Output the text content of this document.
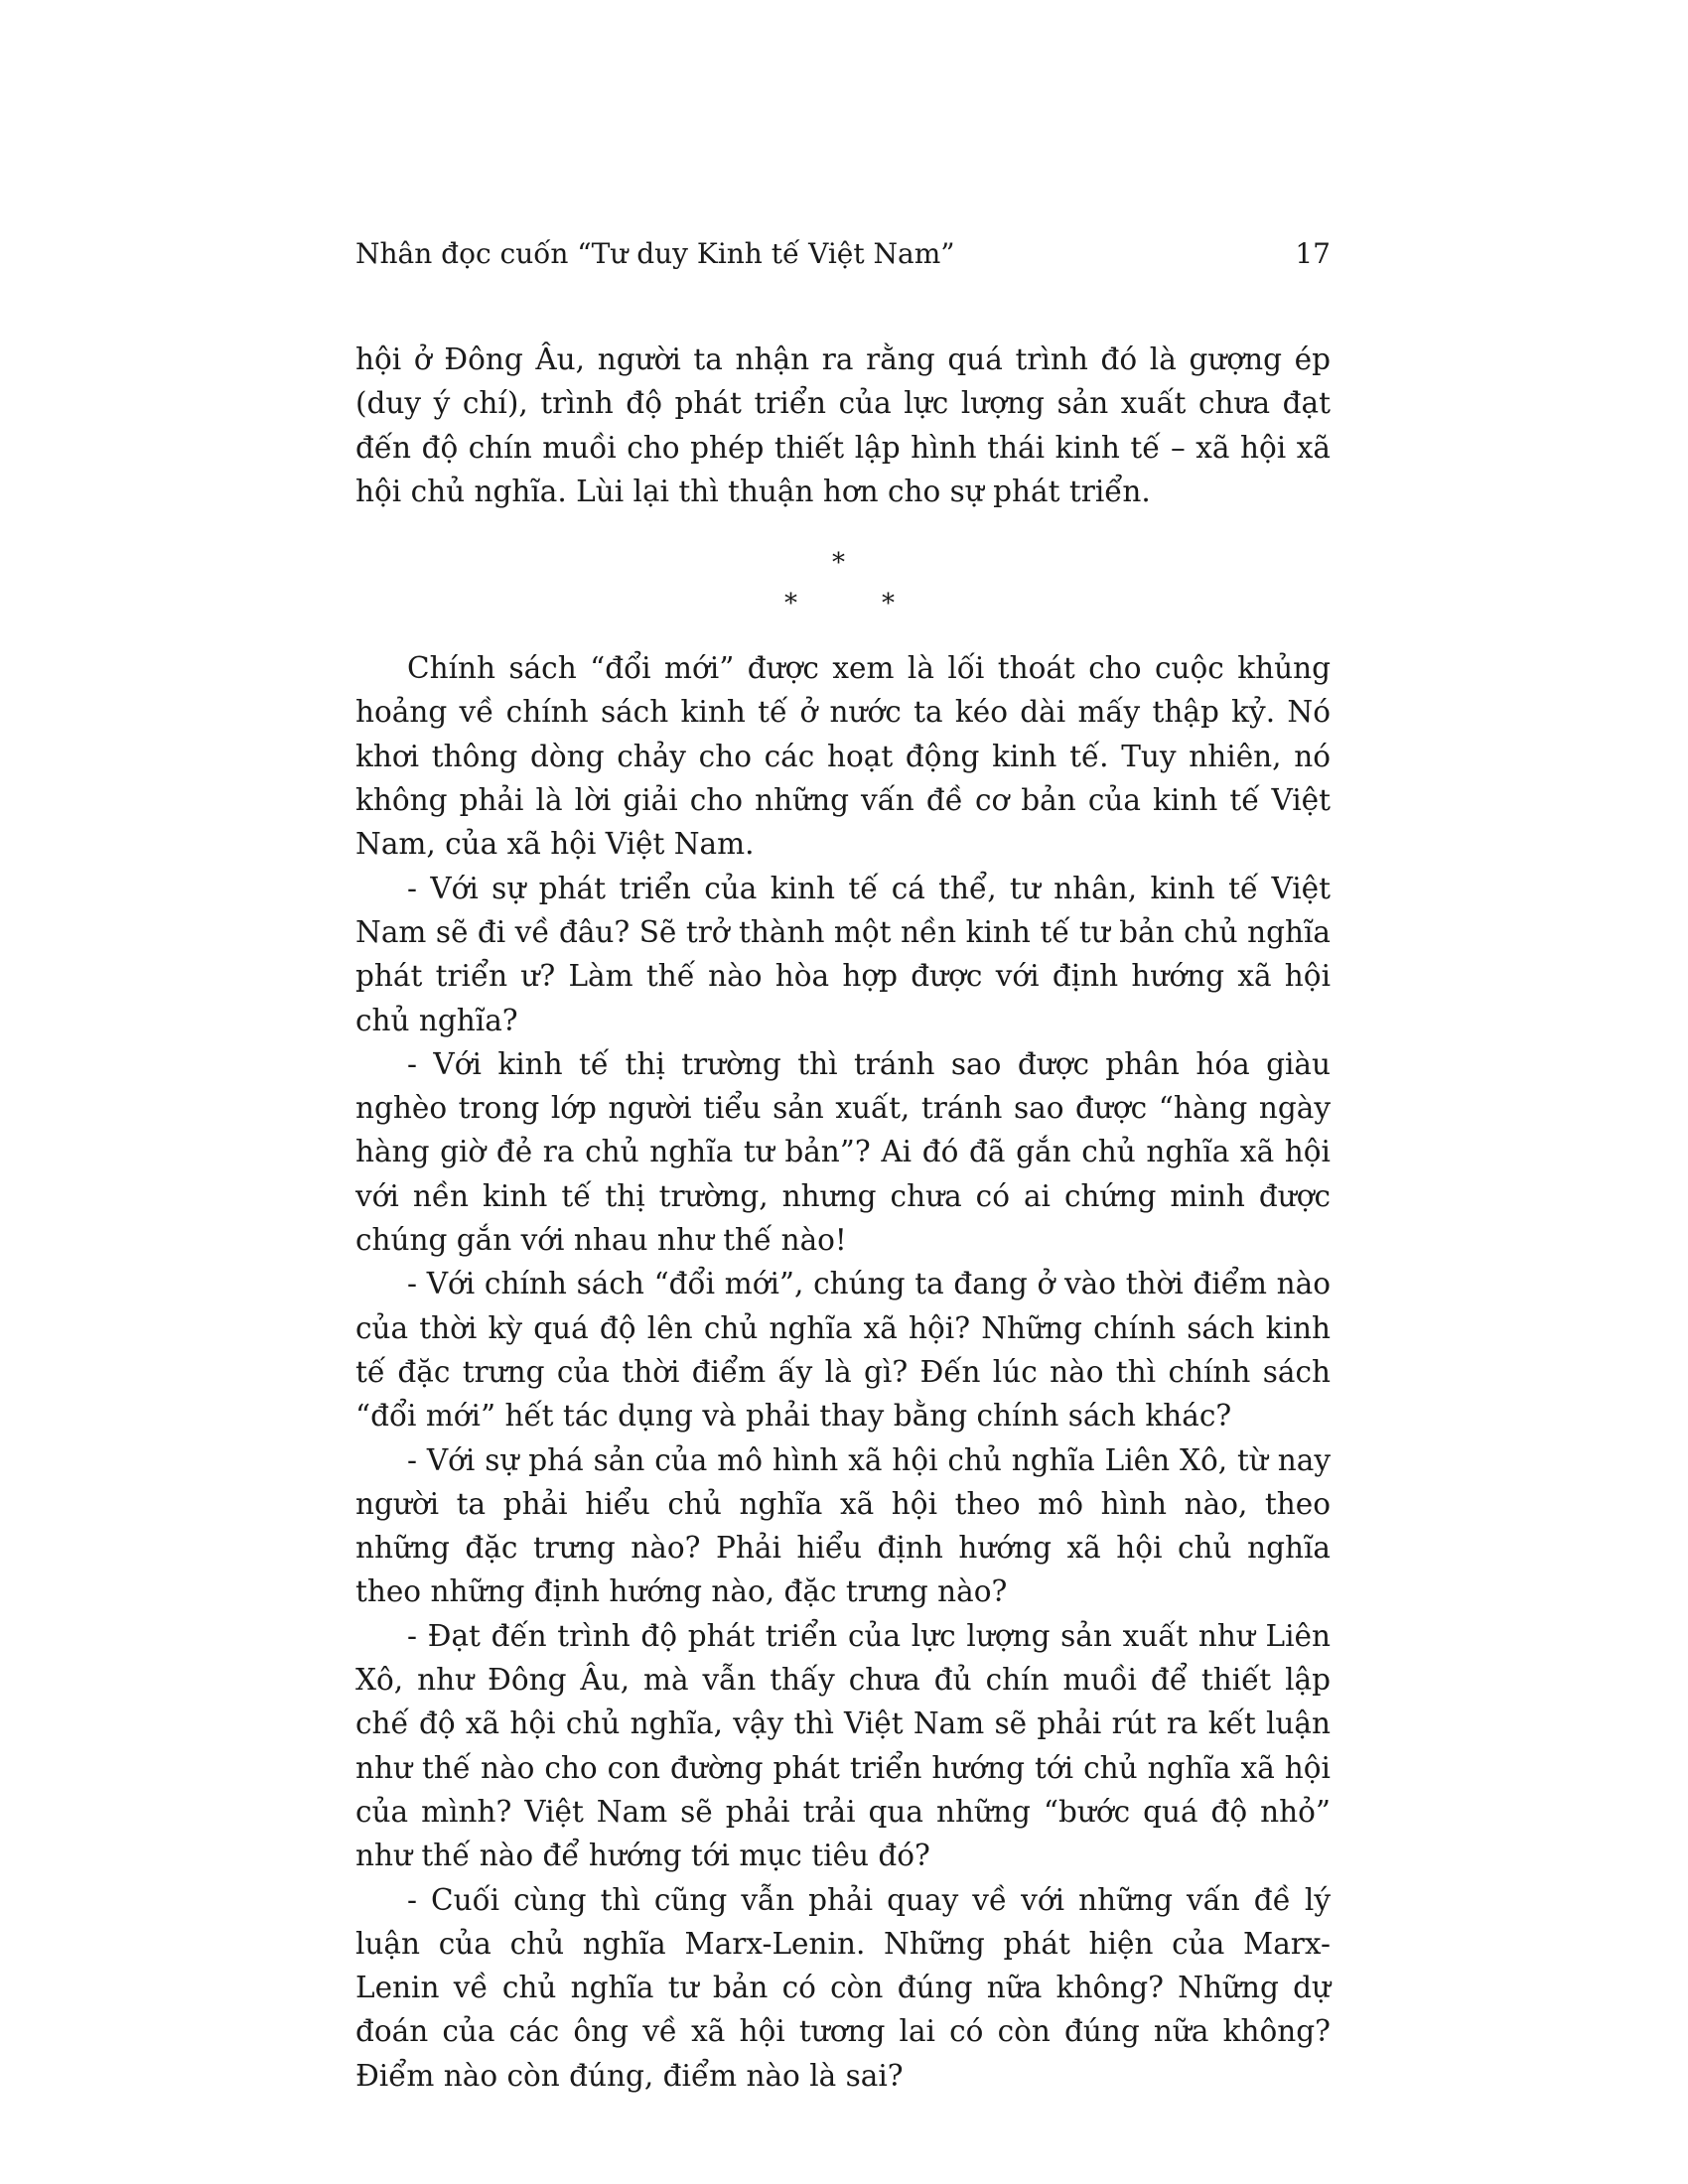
Nhân đọc cuốn “Tư duy Kinh tế Việt Nam”	17

hội ở Đông Âu, người ta nhận ra rằng quá trình đó là gượng ép (duy ý chí), trình độ phát triển của lực lượng sản xuất chưa đạt đến độ chín muồi cho phép thiết lập hình thái kinh tế – xã hội xã hội chủ nghĩa. Lùi lại thì thuận hơn cho sự phát triển.

*
*	*

Chính sách “đổi mới” được xem là lối thoát cho cuộc khủng hoảng về chính sách kinh tế ở nước ta kéo dài mấy thập kỷ. Nó khơi thông dòng chảy cho các hoạt động kinh tế. Tuy nhiên, nó không phải là lời giải cho những vấn đề cơ bản của kinh tế Việt Nam, của xã hội Việt Nam.

- Với sự phát triển của kinh tế cá thể, tư nhân, kinh tế Việt Nam sẽ đi về đâu? Sẽ trở thành một nền kinh tế tư bản chủ nghĩa phát triển ư? Làm thế nào hòa hợp được với định hướng xã hội chủ nghĩa?

- Với kinh tế thị trường thì tránh sao được phân hóa giàu nghèo trong lớp người tiểu sản xuất, tránh sao được “hàng ngày hàng giờ đẻ ra chủ nghĩa tư bản”? Ai đó đã gắn chủ nghĩa xã hội với nền kinh tế thị trường, nhưng chưa có ai chứng minh được chúng gắn với nhau như thế nào!

- Với chính sách “đổi mới”, chúng ta đang ở vào thời điểm nào của thời kỳ quá độ lên chủ nghĩa xã hội? Những chính sách kinh tế đặc trưng của thời điểm ấy là gì? Đến lúc nào thì chính sách “đổi mới” hết tác dụng và phải thay bằng chính sách khác?

- Với sự phá sản của mô hình xã hội chủ nghĩa Liên Xô, từ nay người ta phải hiểu chủ nghĩa xã hội theo mô hình nào, theo những đặc trưng nào? Phải hiểu định hướng xã hội chủ nghĩa theo những định hướng nào, đặc trưng nào?

- Đạt đến trình độ phát triển của lực lượng sản xuất như Liên Xô, như Đông Âu, mà vẫn thấy chưa đủ chín muồi để thiết lập chế độ xã hội chủ nghĩa, vậy thì Việt Nam sẽ phải rút ra kết luận như thế nào cho con đường phát triển hướng tới chủ nghĩa xã hội của mình? Việt Nam sẽ phải trải qua những “bước quá độ nhỏ” như thế nào để hướng tới mục tiêu đó?

- Cuối cùng thì cũng vẫn phải quay về với những vấn đề lý luận của chủ nghĩa Marx-Lenin. Những phát hiện của Marx-Lenin về chủ nghĩa tư bản có còn đúng nữa không? Những dự đoán của các ông về xã hội tương lai có còn đúng nữa không? Điểm nào còn đúng, điểm nào là sai?
